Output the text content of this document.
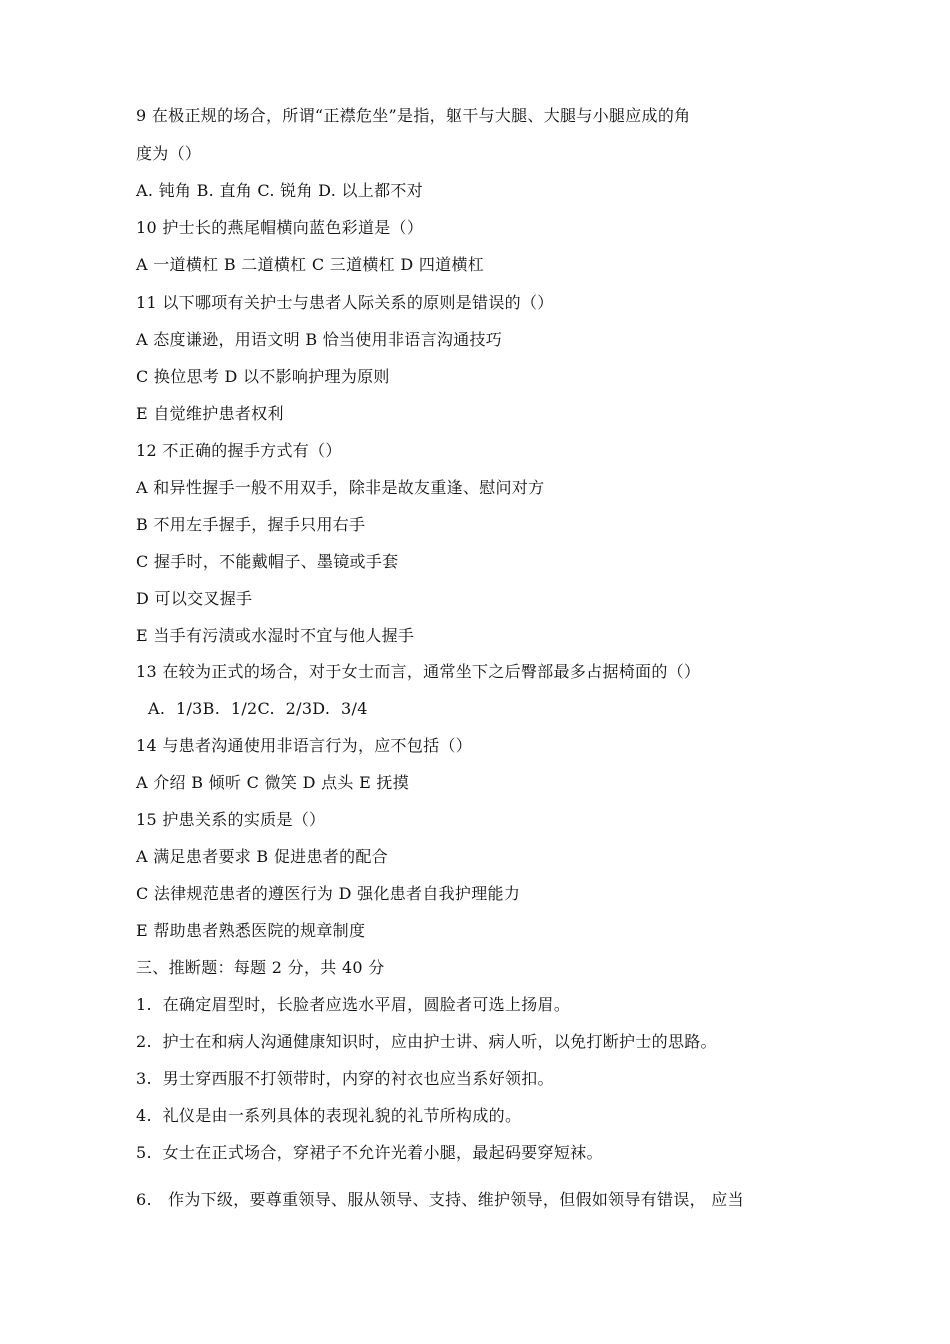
9 在极正规的场合，所谓“正襟危坐”是指，躯干与大腿、大腿与小腿应成的角
度为（）
A. 钝角 B. 直角 C. 锐角 D. 以上都不对
10 护士长的燕尾帽横向蓝色彩道是（）
A 一道横杠 B 二道横杠 C 三道横杠 D 四道横杠
11 以下哪项有关护士与患者人际关系的原则是错误的（）
A 态度谦逊，用语文明 B 恰当使用非语言沟通技巧
C 换位思考 D 以不影响护理为原则
E 自觉维护患者权利
12 不正确的握手方式有（）
A 和异性握手一般不用双手，除非是故友重逢、慰问对方
B 不用左手握手，握手只用右手
C 握手时，不能戴帽子、墨镜或手套
D 可以交叉握手
E 当手有污渍或水湿时不宜与他人握手
13 在较为正式的场合，对于女士而言，通常坐下之后臀部最多占据椅面的（）
A.  1/3B.  1/2C.  2/3D.  3/4
14 与患者沟通使用非语言行为，应不包括（）
A 介绍 B 倾听 C 微笑 D 点头 E 抚摸
15 护患关系的实质是（）
A 满足患者要求 B 促进患者的配合
C 法律规范患者的遵医行为 D 强化患者自我护理能力
E 帮助患者熟悉医院的规章制度
三、推断题：每题 2 分，共 40 分
1.  在确定眉型时，长脸者应选水平眉，圆脸者可选上扬眉。
2.  护士在和病人沟通健康知识时，应由护士讲、病人听，以免打断护士的思路。
3.  男士穿西服不打领带时，内穿的衬衣也应当系好领扣。
4.  礼仪是由一系列具体的表现礼貌的礼节所构成的。
5.  女士在正式场合，穿裙子不允许光着小腿，最起码要穿短袜。
6.   作为下级，要尊重领导、服从领导、支持、维护领导，但假如领导有错误， 应当
